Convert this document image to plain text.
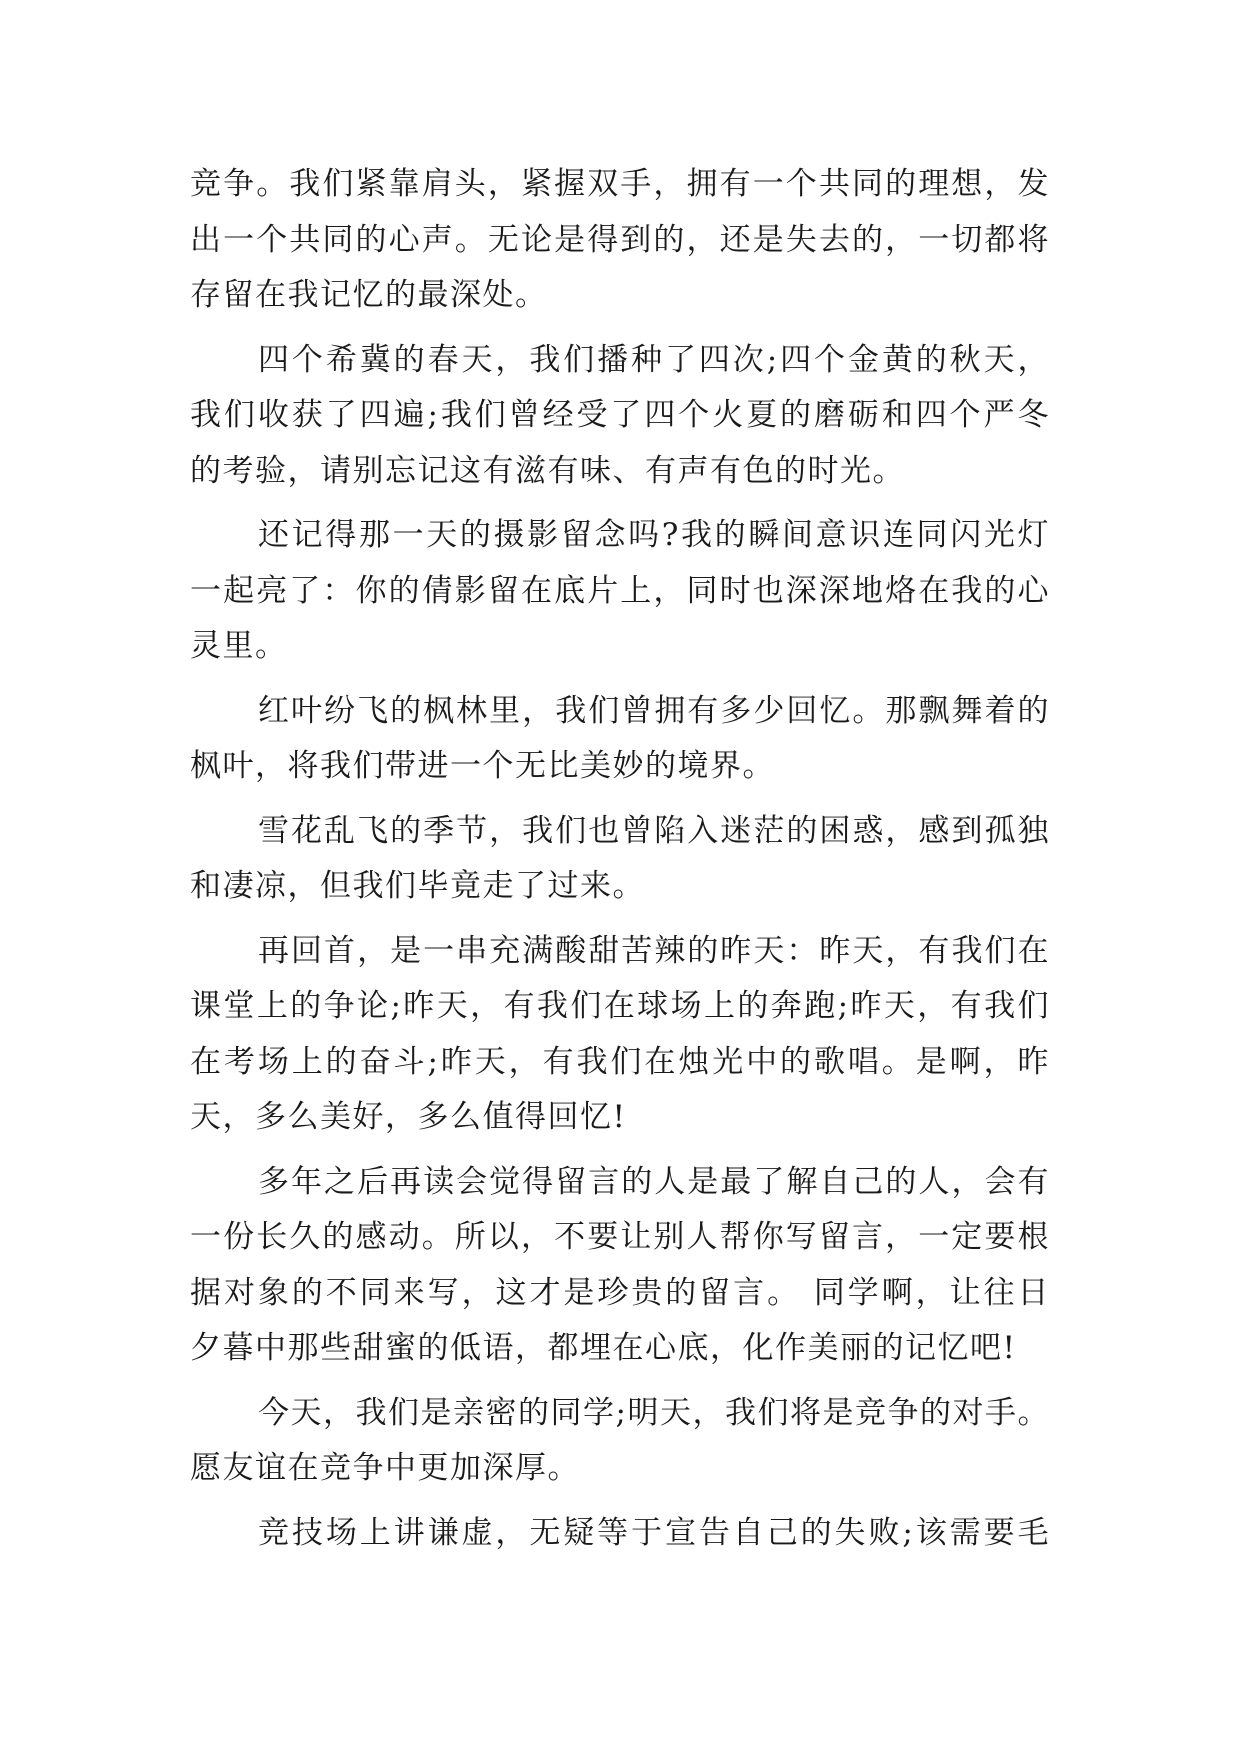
竞争。我们紧靠肩头，紧握双手，拥有一个共同的理想，发
出一个共同的心声。无论是得到的，还是失去的，一切都将
存留在我记忆的最深处。
四个希冀的春天，我们播种了四次;四个金黄的秋天，
我们收获了四遍;我们曾经受了四个火夏的磨砺和四个严冬
的考验，请别忘记这有滋有味、有声有色的时光。
还记得那一天的摄影留念吗?我的瞬间意识连同闪光灯
一起亮了：你的倩影留在底片上，同时也深深地烙在我的心
灵里。
红叶纷飞的枫林里，我们曾拥有多少回忆。那飘舞着的
枫叶，将我们带进一个无比美妙的境界。
雪花乱飞的季节，我们也曾陷入迷茫的困惑，感到孤独
和凄凉，但我们毕竟走了过来。
再回首，是一串充满酸甜苦辣的昨天：昨天，有我们在
课堂上的争论;昨天，有我们在球场上的奔跑;昨天，有我们
在考场上的奋斗;昨天，有我们在烛光中的歌唱。是啊，昨
天，多么美好，多么值得回忆!
多年之后再读会觉得留言的人是最了解自己的人，会有
一份长久的感动。所以，不要让别人帮你写留言，一定要根
据对象的不同来写，这才是珍贵的留言。 同学啊，让往日
夕暮中那些甜蜜的低语，都埋在心底，化作美丽的记忆吧!
今天，我们是亲密的同学;明天，我们将是竞争的对手。
愿友谊在竞争中更加深厚。
竞技场上讲谦虚，无疑等于宣告自己的失败;该需要毛
